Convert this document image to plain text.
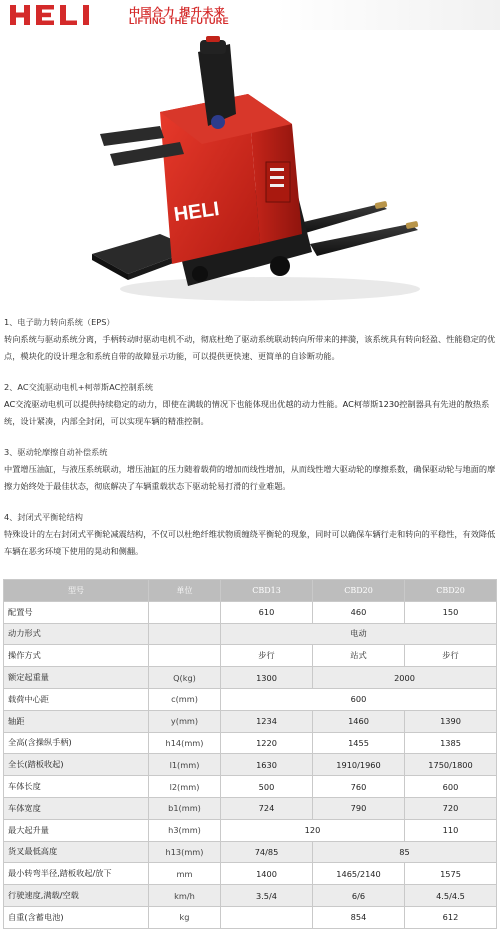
中国合力 提升未来
LIFTING THE FUTURE
HELI
1、电子助力转向系统（EPS）
转向系统与驱动系统分离，手柄转动时驱动电机不动，彻底杜绝了驱动系统联动转向所带来的摔漪，该系统具有转向轻盈、性能稳定的优点，模块化的设计理念和系统自带的故障显示功能，可以提供更快速、更简单的自诊断功能。
2、AC交流驱动电机+柯蒂斯AC控制系统
AC交流驱动电机可以提供持续稳定的动力，即使在满载的情况下也能体现出优越的动力性能。AC柯蒂斯1230控制器具有先进的散热系统，设计紧凑，内部全封闭，可以实现车辆的精准控制。
3、驱动轮摩擦自动补偿系统
中置增压油缸，与液压系统联动，增压油缸的压力随着载荷的增加而线性增加，从而线性增大驱动轮的摩擦系数，确保驱动轮与地面的摩擦力始终处于最佳状态，彻底解决了车辆重载状态下驱动轮易打滑的行业难题。
4、封闭式平衡轮结构
特殊设计的左右封闭式平衡轮减震结构，不仅可以杜绝纤维状物质缠绕平衡轮的现象，同时可以确保车辆行走和转向的平稳性，有效降低车辆在恶劣环境下使用的晃动和侧翻。
型号	单位	CBD13	CBD20	CBD20
配置号		610	460	150
动力形式		电动		
操作方式		步行	站式	步行
额定起重量	Q(kg)	1300	2000	
载荷中心距	c(mm)	600		
轴距	y(mm)	1234	1460	1390
全高(含操纵手柄)	h14(mm)	1220	1455	1385
全长(踏板收起)	l1(mm)	1630	1910/1960	1750/1800
车体长度	l2(mm)	500	760	600
车体宽度	b1(mm)	724	790	720
最大起升量	h3(mm)	120		110
货叉最低高度	h13(mm)	74/85	85	
最小转弯半径,踏板收起/放下	mm	1400	1465/2140	1575
行驶速度,满载/空载	km/h	3.5/4	6/6	4.5/4.5
自重(含蓄电池)	kg		854	612
